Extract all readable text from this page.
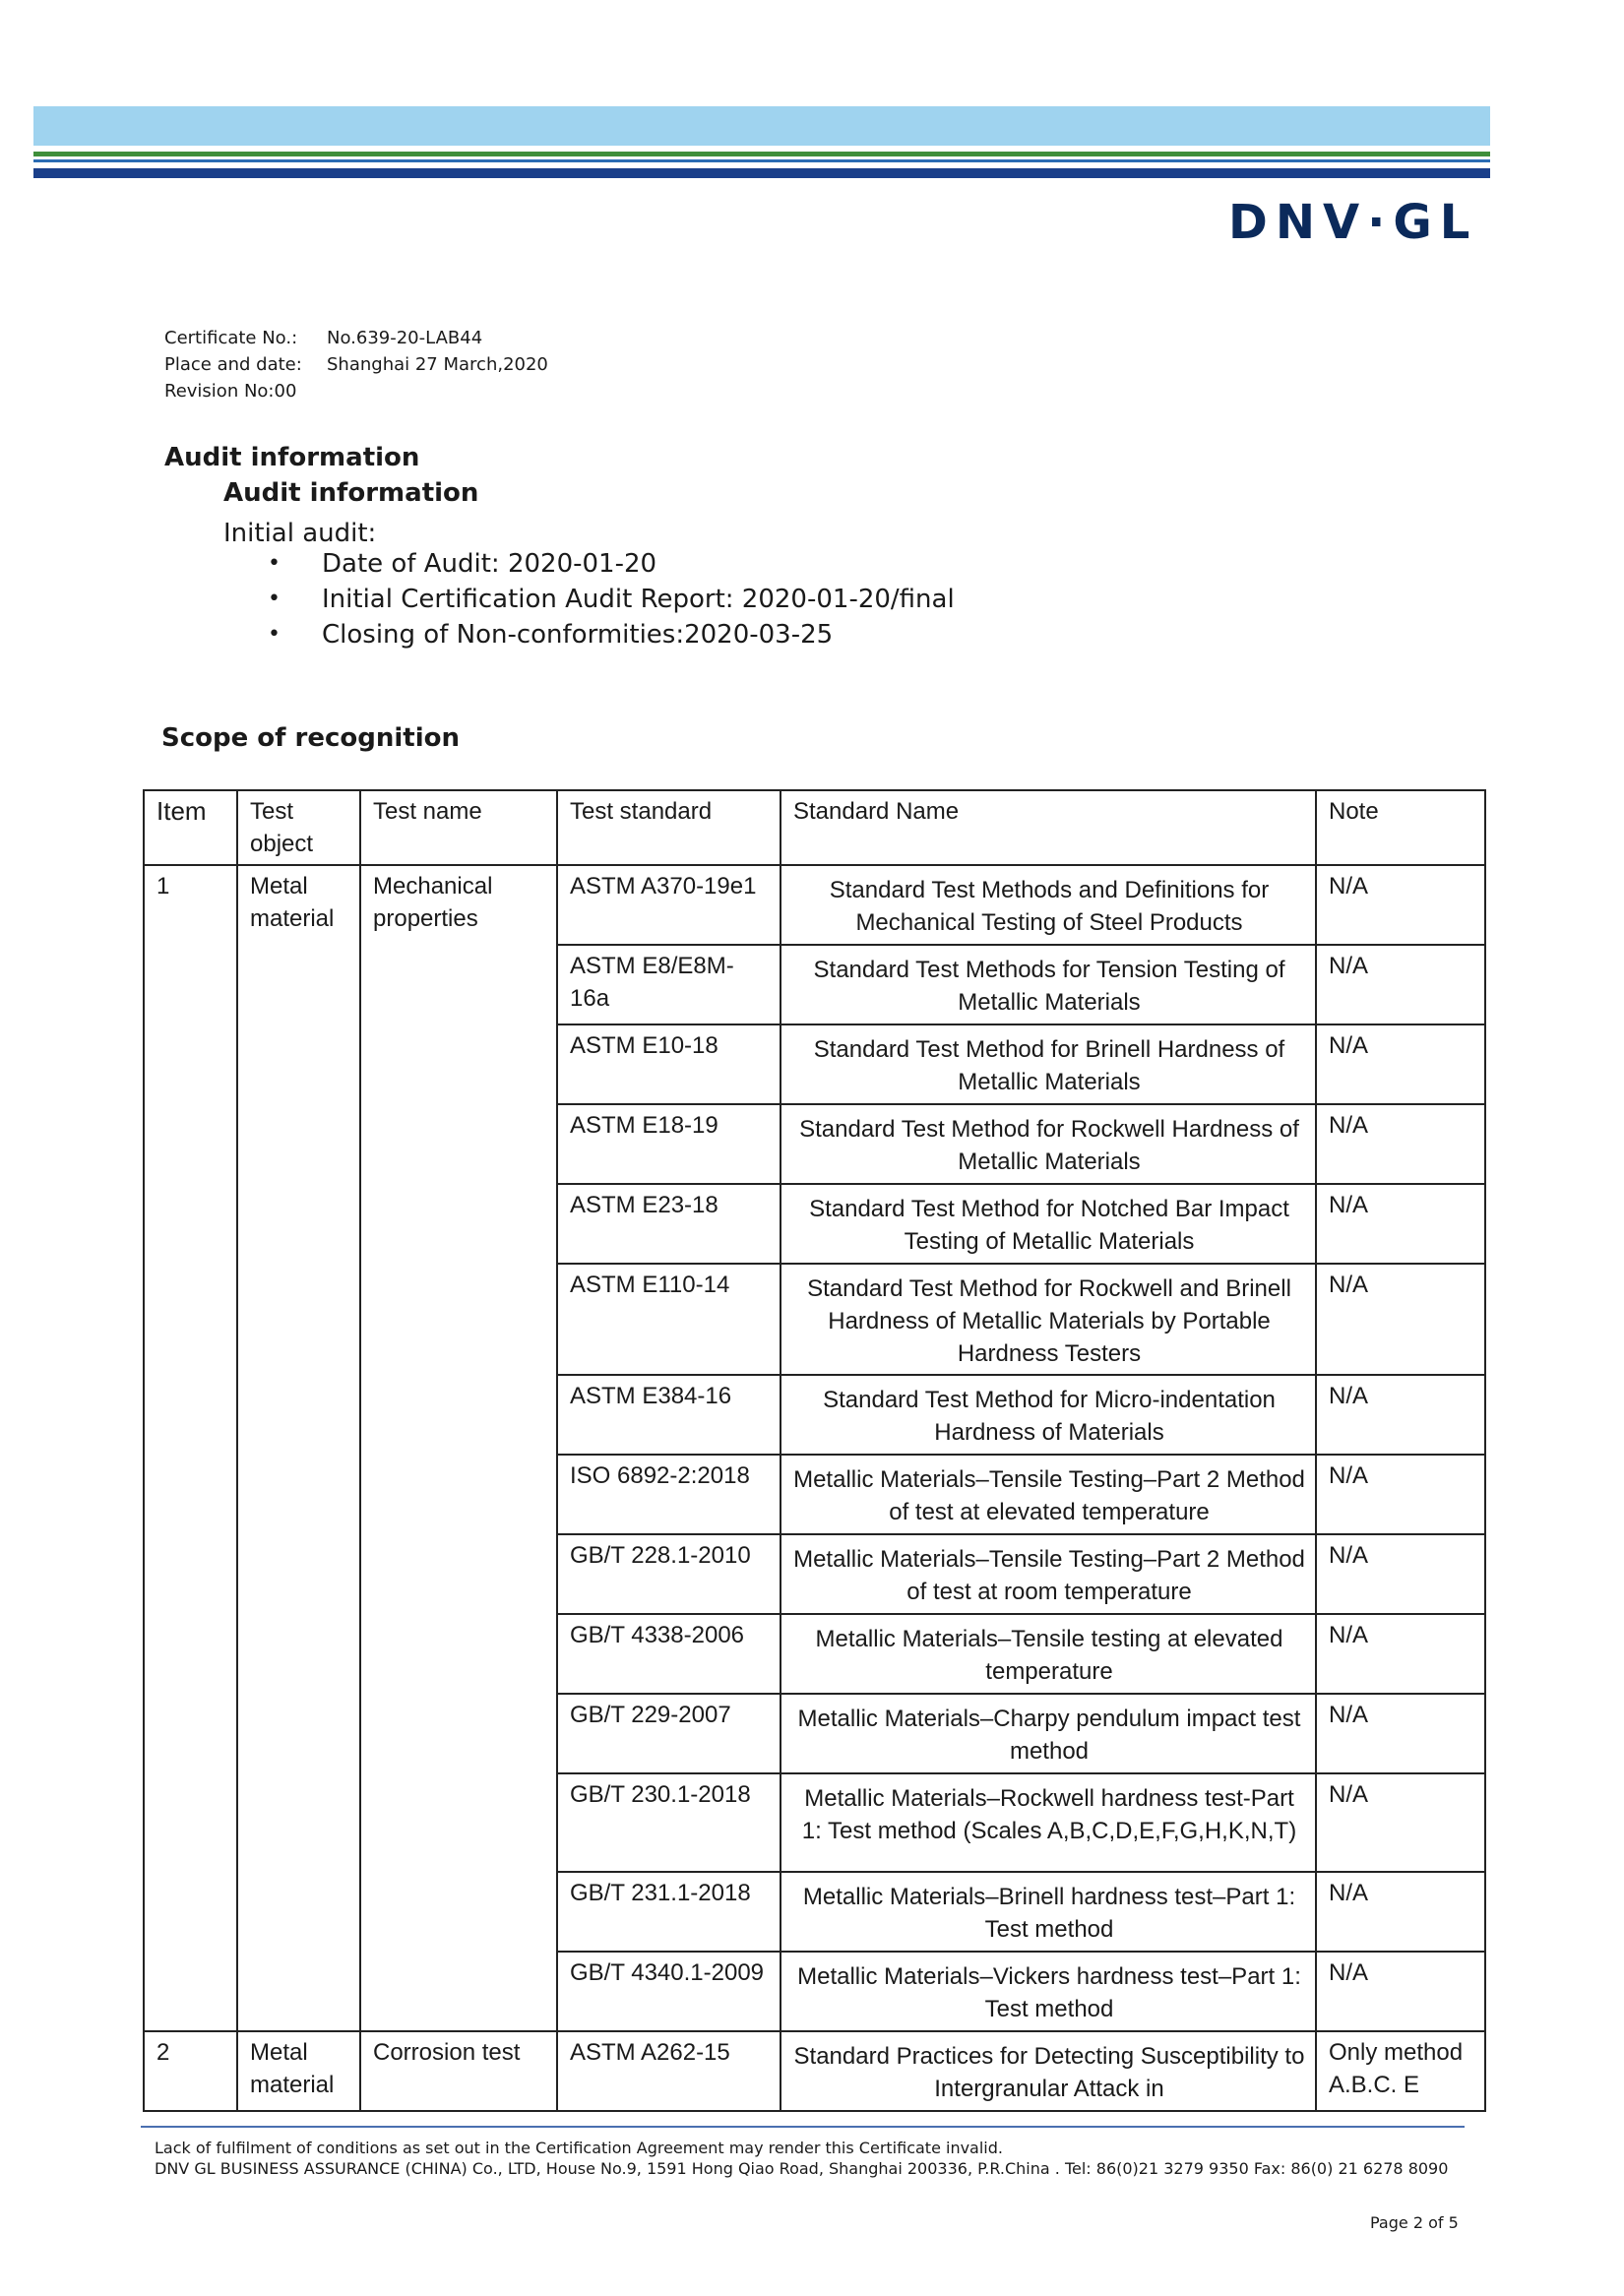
DNV·GL
Certificate No.:	No.639-20-LAB44
Place and date:	Shanghai 27 March,2020
Revision No:00
Audit information
Audit information
Initial audit:
•	Date of Audit: 2020-01-20
•	Initial Certification Audit Report: 2020-01-20/final
•	Closing of Non-conformities:2020-03-25
Scope of recognition
Item	Test object	Test name	Test standard	Standard Name	Note
1	Metal material	Mechanical properties	ASTM A370-19e1	Standard Test Methods and Definitions for Mechanical Testing of Steel Products	N/A
			ASTM E8/E8M-16a	Standard Test Methods for Tension Testing of Metallic Materials	N/A
			ASTM E10-18	Standard Test Method for Brinell Hardness of Metallic Materials	N/A
			ASTM E18-19	Standard Test Method for Rockwell Hardness of Metallic Materials	N/A
			ASTM E23-18	Standard Test Method for Notched Bar Impact Testing of Metallic Materials	N/A
			ASTM E110-14	Standard Test Method for Rockwell and Brinell Hardness of Metallic Materials by Portable Hardness Testers	N/A
			ASTM E384-16	Standard Test Method for Micro-indentation Hardness of Materials	N/A
			ISO 6892-2:2018	Metallic Materials–Tensile Testing–Part 2 Method of test at elevated temperature	N/A
			GB/T 228.1-2010	Metallic Materials–Tensile Testing–Part 2 Method of test at room temperature	N/A
			GB/T 4338-2006	Metallic Materials–Tensile testing at elevated temperature	N/A
			GB/T 229-2007	Metallic Materials–Charpy pendulum impact test method	N/A
			GB/T 230.1-2018	Metallic Materials–Rockwell hardness test-Part 1: Test method (Scales A,B,C,D,E,F,G,H,K,N,T)	N/A
			GB/T 231.1-2018	Metallic Materials–Brinell hardness test–Part 1: Test method	N/A
			GB/T 4340.1-2009	Metallic Materials–Vickers hardness test–Part 1: Test method	N/A
2	Metal material	Corrosion test	ASTM A262-15	Standard Practices for Detecting Susceptibility to Intergranular Attack in	Only method A.B.C. E
Lack of fulfilment of conditions as set out in the Certification Agreement may render this Certificate invalid.
DNV GL BUSINESS ASSURANCE (CHINA) Co., LTD, House No.9, 1591 Hong Qiao Road, Shanghai 200336, P.R.China . Tel: 86(0)21 3279 9350 Fax: 86(0) 21 6278 8090
Page 2 of 5
